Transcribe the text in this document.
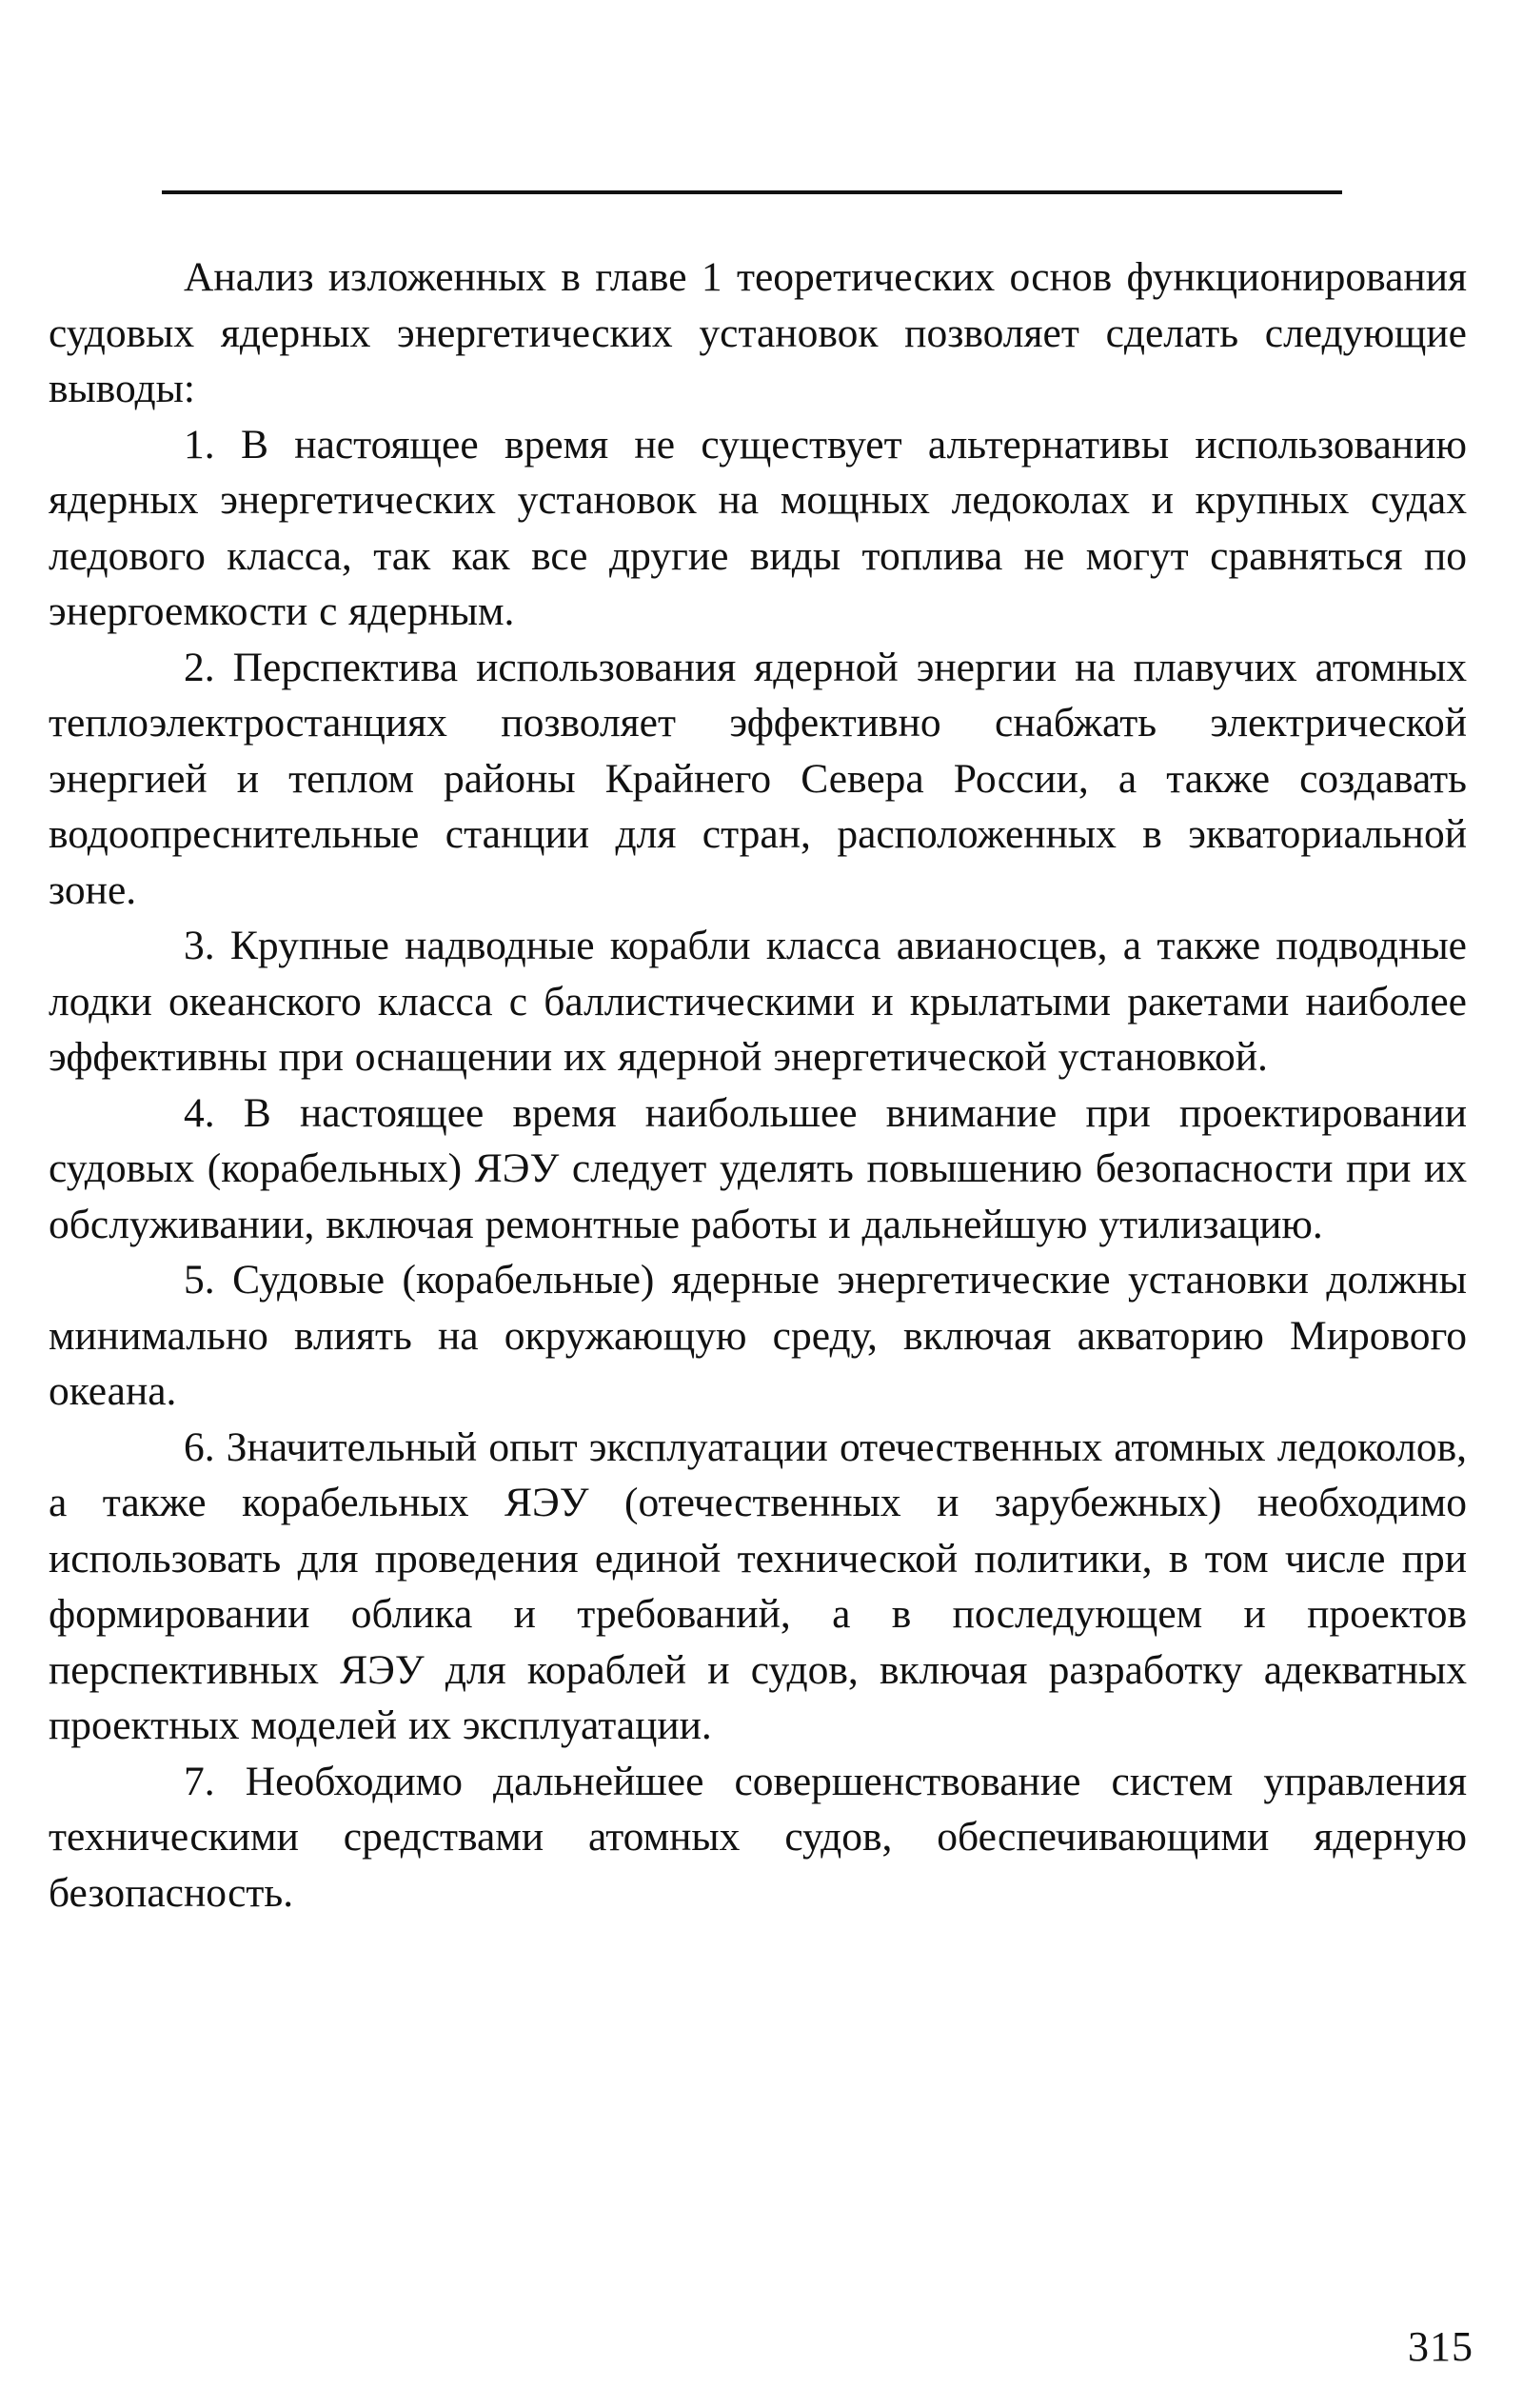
Анализ изложенных в главе 1 теоретических основ функционирования судовых ядерных энергетических установок позволяет сделать следующие выводы:

1. В настоящее время не существует альтернативы использованию ядерных энергетических установок на мощных ледоколах и крупных судах ледового класса, так как все другие виды топлива не могут сравняться по энергоемкости с ядерным.

2. Перспектива использования ядерной энергии на плавучих атомных теплоэлектростанциях позволяет эффективно снабжать электрической энергией и теплом районы Крайнего Севера России, а также создавать водоопреснительные станции для стран, расположенных в экваториальной зоне.

3. Крупные надводные корабли класса авианосцев, а также подводные лодки океанского класса с баллистическими и крылатыми ракетами наиболее эффективны при оснащении их ядерной энергетической установкой.

4. В настоящее время наибольшее внимание при проектировании судовых (корабельных) ЯЭУ следует уделять повышению безопасности при их обслуживании, включая ремонтные работы и дальнейшую утилизацию.

5. Судовые (корабельные) ядерные энергетические установки должны минимально влиять на окружающую среду, включая акваторию Мирового океана.

6. Значительный опыт эксплуатации отечественных атомных ледоколов, а также корабельных ЯЭУ (отечественных и зарубежных) необходимо использовать для проведения единой технической политики, в том числе при формировании облика и требований, а в последующем и проектов перспективных ЯЭУ для кораблей и судов, включая разработку адекватных проектных моделей их эксплуатации.

7. Необходимо дальнейшее совершенствование систем управления техническими средствами атомных судов, обеспечивающими ядерную безопасность.

315
